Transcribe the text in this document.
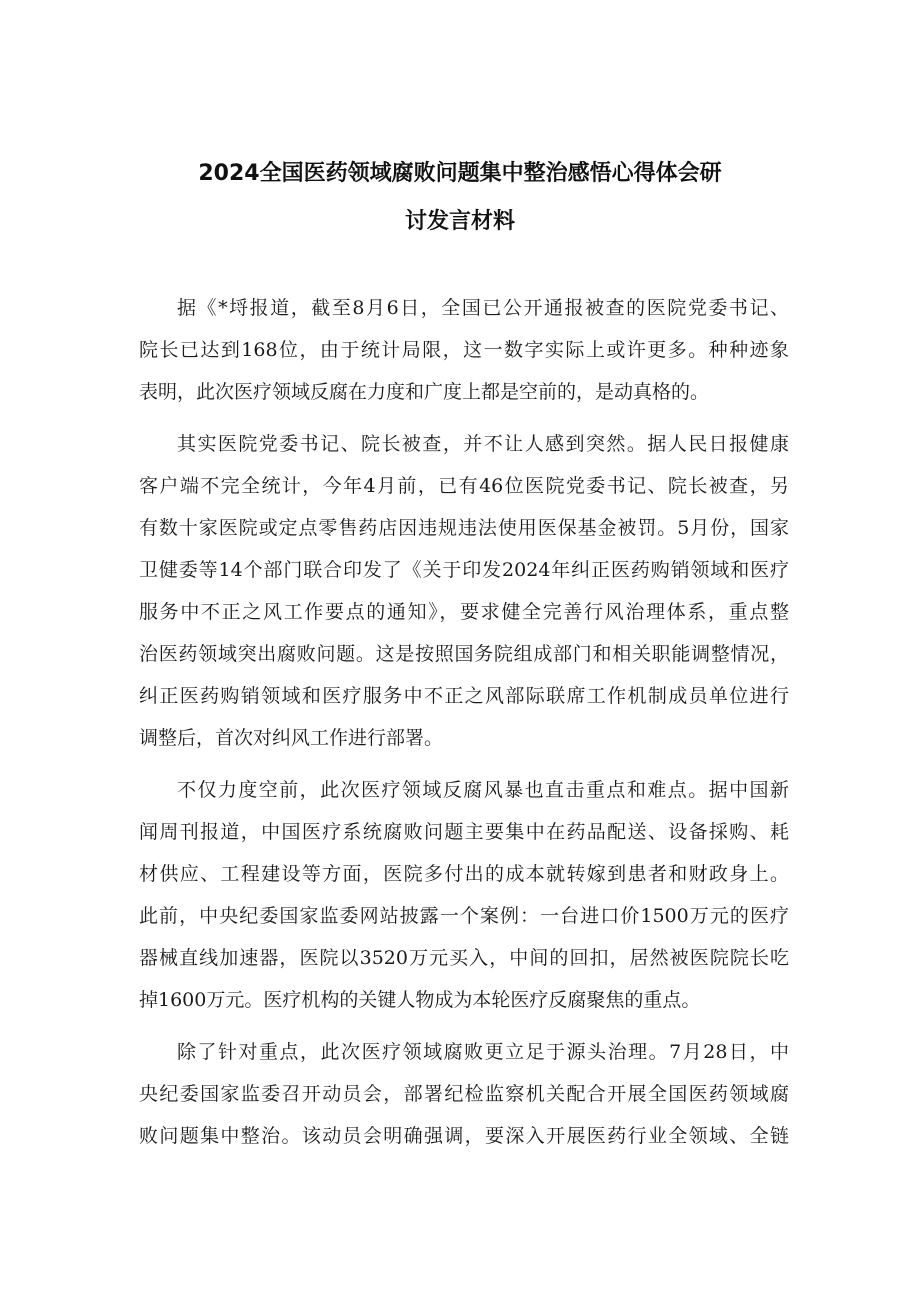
2024全国医药领域腐败问题集中整治感悟心得体会研
讨发言材料
据《*埒报道，截至8月6日，全国已公开通报被查的医院党委书记、
院长已达到168位，由于统计局限，这一数字实际上或许更多。种种迹象
表明，此次医疗领域反腐在力度和广度上都是空前的，是动真格的。
其实医院党委书记、院长被查，并不让人感到突然。据人民日报健康
客户端不完全统计，今年4月前，已有46位医院党委书记、院长被查，另
有数十家医院或定点零售药店因违规违法使用医保基金被罚。5月份，国家
卫健委等14个部门联合印发了《关于印发2024年纠正医药购销领域和医疗
服务中不正之风工作要点的通知》，要求健全完善行风治理体系，重点整
治医药领域突出腐败问题。这是按照国务院组成部门和相关职能调整情况，
纠正医药购销领域和医疗服务中不正之风部际联席工作机制成员单位进行
调整后，首次对纠风工作进行部署。
不仅力度空前，此次医疗领域反腐风暴也直击重点和难点。据中国新
闻周刊报道，中国医疗系统腐败问题主要集中在药品配送、设备採购、耗
材供应、工程建设等方面，医院多付出的成本就转嫁到患者和财政身上。
此前，中央纪委国家监委网站披露一个案例：一台进口价1500万元的医疗
器械直线加速器，医院以3520万元买入，中间的回扣，居然被医院院长吃
掉1600万元。医疗机构的关键人物成为本轮医疗反腐聚焦的重点。
除了针对重点，此次医疗领域腐败更立足于源头治理。7月28日，中
央纪委国家监委召开动员会，部署纪检监察机关配合开展全国医药领域腐
败问题集中整治。该动员会明确强调，要深入开展医药行业全领域、全链
